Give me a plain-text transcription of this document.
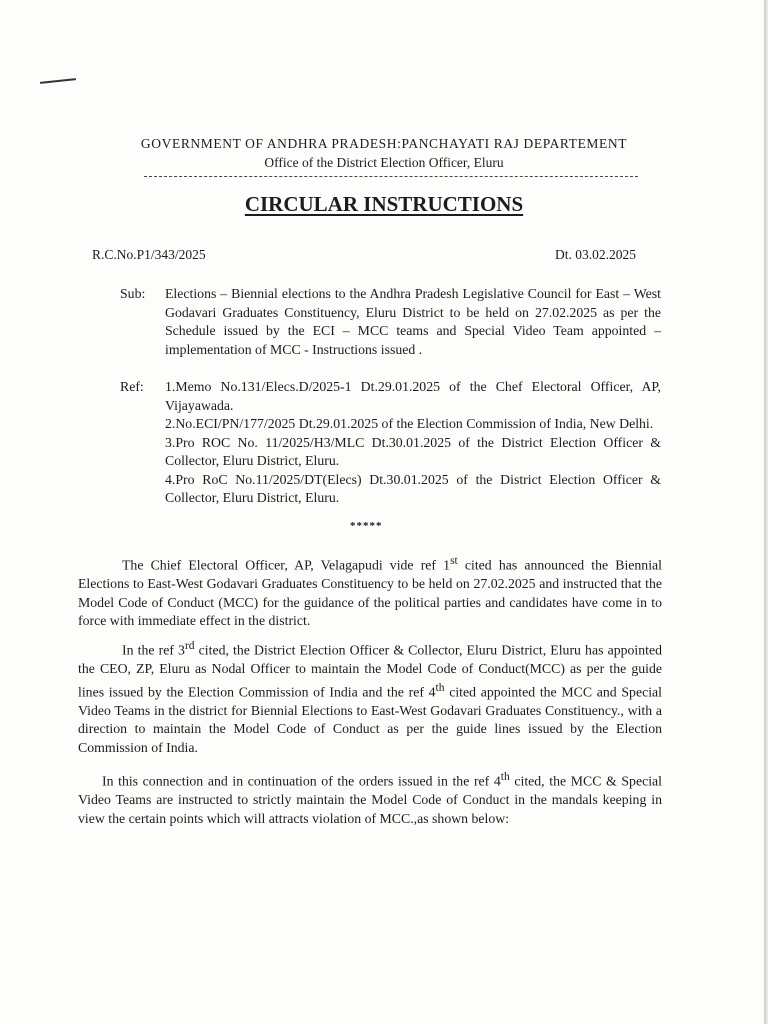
GOVERNMENT OF ANDHRA PRADESH:PANCHAYATI RAJ DEPARTEMENT
Office of the District Election Officer, Eluru
CIRCULAR INSTRUCTIONS
R.C.No.P1/343/2025	Dt. 03.02.2025
Sub: Elections – Biennial elections to the Andhra Pradesh Legislative Council for East – West Godavari Graduates Constituency, Eluru District to be held on 27.02.2025 as per the Schedule issued by the ECI – MCC teams and Special Video Team appointed –implementation of MCC - Instructions issued .
Ref: 1.Memo No.131/Elecs.D/2025-1 Dt.29.01.2025 of the Chef Electoral Officer, AP, Vijayawada.

2.No.ECI/PN/177/2025 Dt.29.01.2025 of the Election Commission of India, New Delhi.

3.Pro ROC No. 11/2025/H3/MLC Dt.30.01.2025 of the District Election Officer & Collector, Eluru District, Eluru.

4.Pro RoC No.11/2025/DT(Elecs) Dt.30.01.2025 of the District Election Officer & Collector, Eluru District, Eluru.

*****
The Chief Electoral Officer, AP, Velagapudi vide ref 1st cited has announced the Biennial Elections to East-West Godavari Graduates Constituency to be held on 27.02.2025 and instructed that the Model Code of Conduct (MCC) for the guidance of the political parties and candidates have come in to force with immediate effect in the district.
In the ref 3rd cited, the District Election Officer & Collector, Eluru District, Eluru has appointed the CEO, ZP, Eluru as Nodal Officer to maintain the Model Code of Conduct(MCC) as per the guide lines issued by the Election Commission of India and the ref 4th cited appointed the MCC and Special Video Teams in the district for Biennial Elections to East-West Godavari Graduates Constituency., with a direction to maintain the Model Code of Conduct as per the guide lines issued by the Election Commission of India.
In this connection and in continuation of the orders issued in the ref 4th cited, the MCC & Special Video Teams are instructed to strictly maintain the Model Code of Conduct in the mandals keeping in view the certain points which will attracts violation of MCC.,as shown below:
